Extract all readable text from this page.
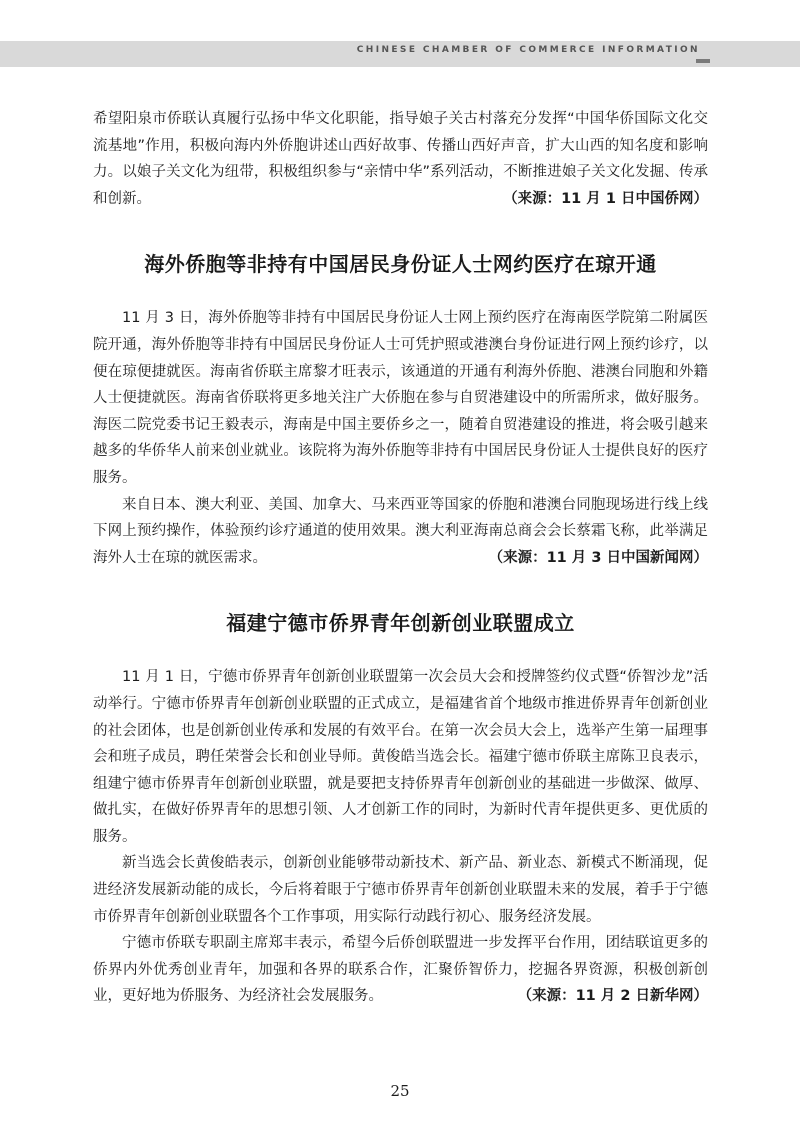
CHINESE CHAMBER OF COMMERCE INFORMATION

希望阳泉市侨联认真履行弘扬中华文化职能，指导娘子关古村落充分发挥“中国华侨国际文化交流基地”作用，积极向海内外侨胞讲述山西好故事、传播山西好声音，扩大山西的知名度和影响力。以娘子关文化为纽带，积极组织参与“亲情中华”系列活动，不断推进娘子关文化发掘、传承和创新。	（来源：11 月 1 日中国侨网）

海外侨胞等非持有中国居民身份证人士网约医疗在琼开通

11 月 3 日，海外侨胞等非持有中国居民身份证人士网上预约医疗在海南医学院第二附属医院开通，海外侨胞等非持有中国居民身份证人士可凭护照或港澳台身份证进行网上预约诊疗，以便在琼便捷就医。海南省侨联主席黎才旺表示，该通道的开通有利海外侨胞、港澳台同胞和外籍人士便捷就医。海南省侨联将更多地关注广大侨胞在参与自贸港建设中的所需所求，做好服务。海医二院党委书记王毅表示，海南是中国主要侨乡之一，随着自贸港建设的推进，将会吸引越来越多的华侨华人前来创业就业。该院将为海外侨胞等非持有中国居民身份证人士提供良好的医疗服务。

来自日本、澳大利亚、美国、加拿大、马来西亚等国家的侨胞和港澳台同胞现场进行线上线下网上预约操作，体验预约诊疗通道的使用效果。澳大利亚海南总商会会长蔡霜飞称，此举满足海外人士在琼的就医需求。	（来源：11 月 3 日中国新闻网）

福建宁德市侨界青年创新创业联盟成立

11 月 1 日，宁德市侨界青年创新创业联盟第一次会员大会和授牌签约仪式暨“侨智沙龙”活动举行。宁德市侨界青年创新创业联盟的正式成立，是福建省首个地级市推进侨界青年创新创业的社会团体，也是创新创业传承和发展的有效平台。在第一次会员大会上，选举产生第一届理事会和班子成员，聘任荣誉会长和创业导师。黄俊皓当选会长。福建宁德市侨联主席陈卫良表示，组建宁德市侨界青年创新创业联盟，就是要把支持侨界青年创新创业的基础进一步做深、做厚、做扎实，在做好侨界青年的思想引领、人才创新工作的同时，为新时代青年提供更多、更优质的服务。

新当选会长黄俊皓表示，创新创业能够带动新技术、新产品、新业态、新模式不断涌现，促进经济发展新动能的成长，今后将着眼于宁德市侨界青年创新创业联盟未来的发展，着手于宁德市侨界青年创新创业联盟各个工作事项，用实际行动践行初心、服务经济发展。

宁德市侨联专职副主席郑丰表示，希望今后侨创联盟进一步发挥平台作用，团结联谊更多的侨界内外优秀创业青年，加强和各界的联系合作，汇聚侨智侨力，挖掘各界资源，积极创新创业，更好地为侨服务、为经济社会发展服务。	（来源：11 月 2 日新华网）

25
